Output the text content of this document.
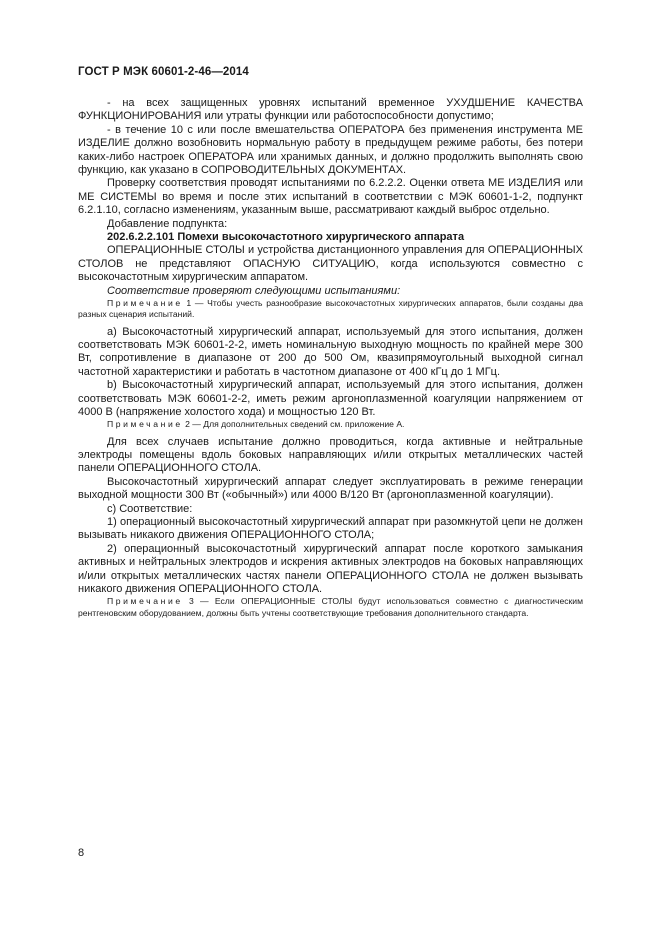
ГОСТ Р МЭК 60601-2-46—2014

- на всех защищенных уровнях испытаний временное УХУДШЕНИЕ КАЧЕСТВА ФУНКЦИОНИРОВАНИЯ или утраты функции или работоспособности допустимо;

- в течение 10 с или после вмешательства ОПЕРАТОРА без применения инструмента МЕ ИЗДЕЛИЕ должно возобновить нормальную работу в предыдущем режиме работы, без потери каких-либо настроек ОПЕРАТОРА или хранимых данных, и должно продолжить выполнять свою функцию, как указано в СОПРОВОДИТЕЛЬНЫХ ДОКУМЕНТАХ.

Проверку соответствия проводят испытаниями по 6.2.2.2. Оценки ответа МЕ ИЗДЕЛИЯ или МЕ СИСТЕМЫ во время и после этих испытаний в соответствии с МЭК 60601-1-2, подпункт 6.2.1.10, согласно изменениям, указанным выше, рассматривают каждый выброс отдельно.

Добавление подпункта:

202.6.2.2.101 Помехи высокочастотного хирургического аппарата

ОПЕРАЦИОННЫЕ СТОЛЫ и устройства дистанционного управления для ОПЕРАЦИОННЫХ СТОЛОВ не представляют ОПАСНУЮ СИТУАЦИЮ, когда используются совместно с высокочастотным хирургическим аппаратом.

Соответствие проверяют следующими испытаниями:

Примечание 1 — Чтобы учесть разнообразие высокочастотных хирургических аппаратов, были созданы два разных сценария испытаний.

a) Высокочастотный хирургический аппарат, используемый для этого испытания, должен соответствовать МЭК 60601-2-2, иметь номинальную выходную мощность по крайней мере 300 Вт, сопротивление в диапазоне от 200 до 500 Ом, квазипрямоугольный выходной сигнал частотной характеристики и работать в частотном диапазоне от 400 кГц до 1 МГц.

b) Высокочастотный хирургический аппарат, используемый для этого испытания, должен соответствовать МЭК 60601-2-2, иметь режим аргоноплазменной коагуляции напряжением от 4000 В (напряжение холостого хода) и мощностью 120 Вт.

Примечание 2 — Для дополнительных сведений см. приложение А.

Для всех случаев испытание должно проводиться, когда активные и нейтральные электроды помещены вдоль боковых направляющих и/или открытых металлических частей панели ОПЕРАЦИОННОГО СТОЛА.

Высокочастотный хирургический аппарат следует эксплуатировать в режиме генерации выходной мощности 300 Вт («обычный») или 4000 В/120 Вт (аргоноплазменной коагуляции).

c) Соответствие:

1) операционный высокочастотный хирургический аппарат при разомкнутой цепи не должен вызывать никакого движения ОПЕРАЦИОННОГО СТОЛА;

2) операционный высокочастотный хирургический аппарат после короткого замыкания активных и нейтральных электродов и искрения активных электродов на боковых направляющих и/или открытых металлических частях панели ОПЕРАЦИОННОГО СТОЛА не должен вызывать никакого движения ОПЕРАЦИОННОГО СТОЛА.

Примечание 3 — Если ОПЕРАЦИОННЫЕ СТОЛЫ будут использоваться совместно с диагностическим рентгеновским оборудованием, должны быть учтены соответствующие требования дополнительного стандарта.

8
